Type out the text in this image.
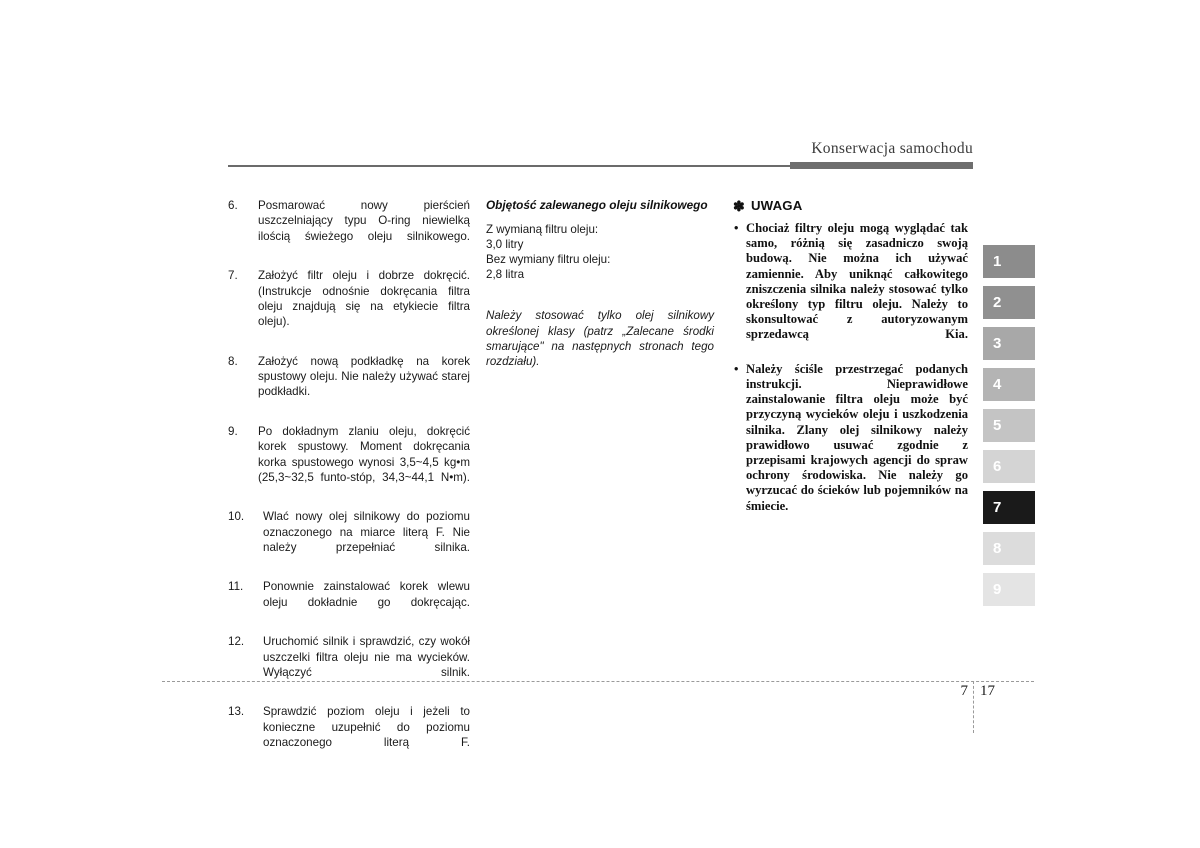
Konserwacja samochodu
6.	Posmarować nowy pierścień uszczelniający typu O-ring niewielką ilością świeżego oleju silnikowego.
7.	Założyć filtr oleju i dobrze dokręcić. (Instrukcje odnośnie dokręcania filtra oleju znajdują się na etykiecie filtra oleju).
8.	Założyć nową podkładkę na korek spustowy oleju. Nie należy używać starej podkładki.
9.	Po dokładnym zlaniu oleju, dokręcić korek spustowy. Moment dokręcania korka spustowego wynosi 3,5~4,5 kg•m (25,3~32,5 funto-stóp, 34,3~44,1 N•m).
10.	Wlać nowy olej silnikowy do poziomu oznaczonego na miarce literą F. Nie należy przepełniać silnika.
11.	Ponownie zainstalować korek wlewu oleju dokładnie go dokręcając.
12.	Uruchomić silnik i sprawdzić, czy wokół uszczelki filtra oleju nie ma wycieków. Wyłączyć silnik.
13.	Sprawdzić poziom oleju i jeżeli to konieczne uzupełnić do poziomu oznaczonego literą F.
Objętość zalewanego oleju silnikowego
Z wymianą filtru oleju:
3,0 litry
Bez wymiany filtru oleju:
2,8 litra
Należy stosować tylko olej silnikowy określonej klasy (patrz „Zalecane środki smarujące" na następnych stronach tego rozdziału).
✽ UWAGA
• Chociaż filtry oleju mogą wyglądać tak samo, różnią się zasadniczo swoją budową. Nie można ich używać zamiennie. Aby uniknąć całkowitego zniszczenia silnika należy stosować tylko określony typ filtru oleju. Należy to skonsultować z autoryzowanym sprzedawcą Kia.
• Należy ściśle przestrzegać podanych instrukcji. Nieprawidłowe zainstalowanie filtra oleju może być przyczyną wycieków oleju i uszkodzenia silnika. Zlany olej silnikowy należy prawidłowo usuwać zgodnie z przepisami krajowych agencji do spraw ochrony środowiska. Nie należy go wyrzucać do ścieków lub pojemników na śmiecie.
1
2
3
4
5
6
7
8
9
7 17
